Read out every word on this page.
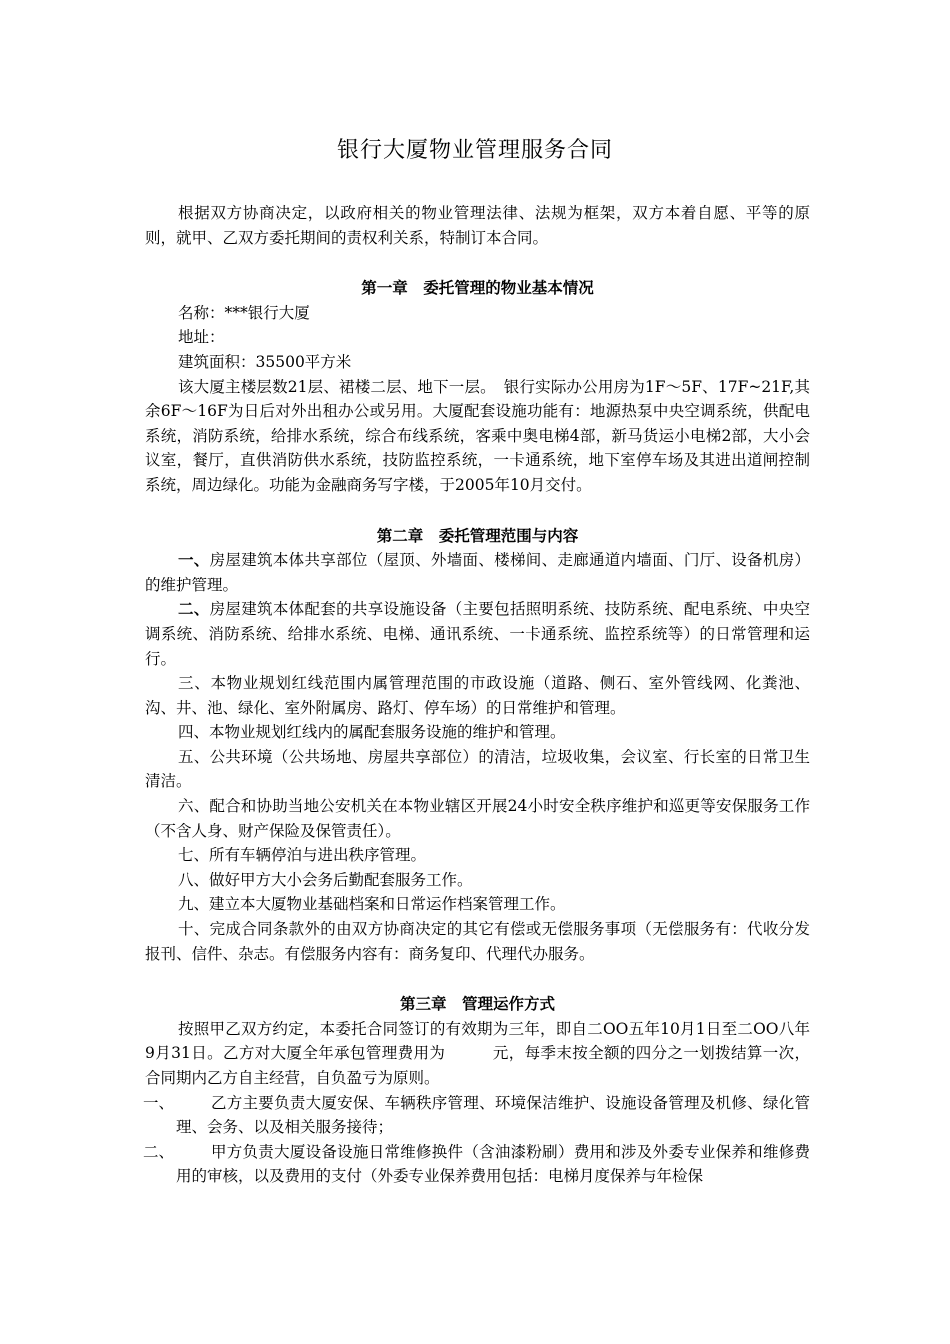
银行大厦物业管理服务合同

根据双方协商决定，以政府相关的物业管理法律、法规为框架，双方本着自愿、平等的原则，就甲、乙双方委托期间的责权利关系，特制订本合同。

第一章　委托管理的物业基本情况

名称：***银行大厦

地址：

建筑面积：35500平方米

该大厦主楼层数21层、裙楼二层、地下一层。　银行实际办公用房为1F～5F、17F~21F,其余6F～16F为日后对外出租办公或另用。大厦配套设施功能有：地源热泵中央空调系统，供配电系统，消防系统，给排水系统，综合布线系统，客乘中奥电梯4部，新马货运小电梯2部，大小会议室，餐厅，直供消防供水系统，技防监控系统，一卡通系统，地下室停车场及其进出道闸控制系统，周边绿化。功能为金融商务写字楼，于2005年10月交付。

第二章　委托管理范围与内容

一、房屋建筑本体共享部位（屋顶、外墙面、楼梯间、走廊通道内墙面、门厅、设备机房）的维护管理。

二、房屋建筑本体配套的共享设施设备（主要包括照明系统、技防系统、配电系统、中央空调系统、消防系统、给排水系统、电梯、通讯系统、一卡通系统、监控系统等）的日常管理和运行。

三、本物业规划红线范围内属管理范围的市政设施（道路、侧石、室外管线网、化粪池、沟、井、池、绿化、室外附属房、路灯、停车场）的日常维护和管理。

四、本物业规划红线内的属配套服务设施的维护和管理。

五、公共环境（公共场地、房屋共享部位）的清洁，垃圾收集，会议室、行长室的日常卫生清洁。

六、配合和协助当地公安机关在本物业辖区开展24小时安全秩序维护和巡更等安保服务工作（不含人身、财产保险及保管责任）。

七、所有车辆停泊与进出秩序管理。

八、做好甲方大小会务后勤配套服务工作。

九、建立本大厦物业基础档案和日常运作档案管理工作。

十、完成合同条款外的由双方协商决定的其它有偿或无偿服务事项（无偿服务有：代收分发报刊、信件、杂志。有偿服务内容有：商务复印、代理代办服务。

第三章　管理运作方式

按照甲乙双方约定，本委托合同签订的有效期为三年，即自二OO五年10月1日至二OO八年9月31日。乙方对大厦全年承包管理费用为　　　元，每季末按全额的四分之一划拨结算一次，合同期内乙方自主经营，自负盈亏为原则。

一、	乙方主要负责大厦安保、车辆秩序管理、环境保洁维护、设施设备管理及机修、绿化管理、会务、以及相关服务接待；

二、	甲方负责大厦设备设施日常维修换件（含油漆粉刷）费用和涉及外委专业保养和维修费用的审核，以及费用的支付（外委专业保养费用包括：电梯月度保养与年检保
